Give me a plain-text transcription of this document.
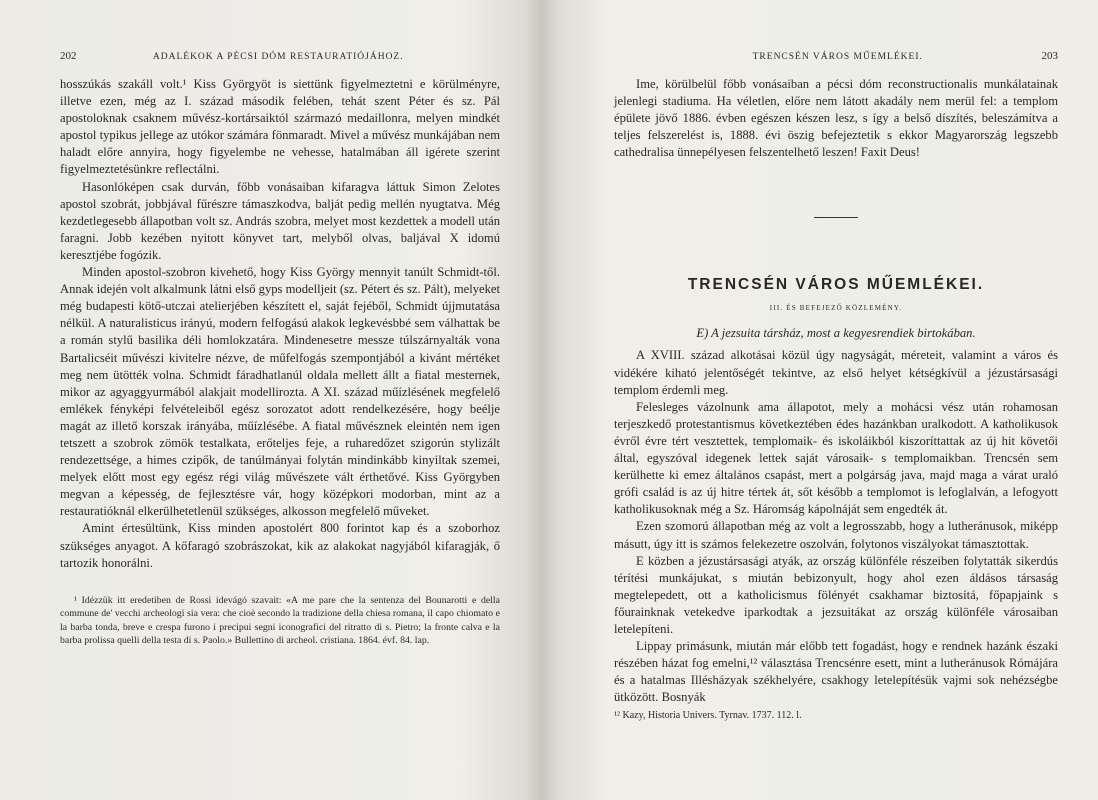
202	ADALÉKOK A PÉCSI DÓM RESTAURATIÓJÁHOZ.

hosszúkás szakáll volt.¹ Kiss Györgyöt is siettünk figyelmeztetni e körülményre, illetve ezen, még az I. század második felében, tehát szent Péter és sz. Pál apostoloknak csaknem művész-kortársaiktól származó medaillonra, melyen mindkét apostol typikus jellege az utókor számára fönmaradt. Mivel a művész munkájában nem haladt előre annyira, hogy figyelembe ne vehesse, hatalmában áll igérete szerint figyelmeztetésünkre reflectálni.

Hasonlóképen csak durván, főbb vonásaiban kifaragva láttuk Simon Zelotes apostol szobrát, jobbjával fűrészre támaszkodva, balját pedig mellén nyugtatva. Még kezdetlegesebb állapotban volt sz. András szobra, melyet most kezdettek a modell után faragni. Jobb kezében nyitott könyvet tart, melyből olvas, baljával X idomú keresztjébe fogózik.

Minden apostol-szobron kivehető, hogy Kiss György mennyit tanúlt Schmidt-től. Annak idején volt alkalmunk látni első gyps modelljeit (sz. Pétert és sz. Pált), melyeket még budapesti kötő-utczai atelierjében készített el, saját fejéből, Schmidt újjmutatása nélkül. A naturalisticus irányú, modern felfogású alakok legkevésbbé sem válhattak be a román stylű basilika déli homlokzatára. Mindenesetre messze túlszárnyalták vona Bartalicséit művészi kivitelre nézve, de műfelfogás szempontjából a kivánt mértéket meg nem ütötték volna. Schmidt fáradhatlanúl oldala mellett állt a fiatal mesternek, mikor az agyaggyurmából alakjait modellirozta. A XI. század műízlésének megfelelő emlékek fényképi felvételeiből egész sorozatot adott rendelkezésére, hogy beélje magát az illető korszak irányába, műízlésébe. A fiatal művésznek eleintén nem igen tetszett a szobrok zömök testalkata, erőteljes feje, a ruharedőzet szigorún stylizált rendezettsége, a himes czipők, de tanúlmányai folytán mindinkább kinyiltak szemei, melyek előtt most egy egész régi világ művészete vált érthetővé. Kiss Györgyben megvan a képesség, de fejlesztésre vár, hogy középkori modorban, mint az a restauratióknál elkerülhetetlenül szükséges, alkosson megfelelő műveket.

Amint értesültünk, Kiss minden apostolért 800 forintot kap és a szoborhoz szükséges anyagot. A kőfaragó szobrászokat, kik az alakokat nagyjából kifaragják, ő tartozik honorálni.

¹ Idézzük itt eredetiben de Rossi idevágó szavait: «A me pare che la sentenza del Bounarotti e della commune de' vecchi archeologi sia vera: che cioè secondo la tradizione della chiesa romana, il capo chiomato e la barba tonda, breve e crespa furono i precipui segni iconografici del ritratto di s. Pietro; la fronte calva e la barba prolissa quelli della testa di s. Paolo.» Bullettino di archeol. cristiana. 1864. évf. 84. lap.

TRENCSÉN VÁROS MŰEMLÉKEI.	203

Ime, körülbelül főbb vonásaiban a pécsi dóm reconstructionalis munkálatainak jelenlegi stadiuma. Ha véletlen, előre nem látott akadály nem merül fel: a templom épülete jövő 1886. évben egészen készen lesz, s így a belső díszítés, beleszámítva a teljes felszerelést is, 1888. évi öszig befejeztetik s ekkor Magyarország legszebb cathedralisa ünnepélyesen felszentelhető leszen! Faxit Deus!

TRENCSÉN VÁROS MŰEMLÉKEI.
III. ÉS BEFEJEZŐ KÖZLEMÉNY.
E) A jezsuita társház, most a kegyesrendiek birtokában.

A XVIII. század alkotásai közül úgy nagyságát, méreteit, valamint a város és vidékére kiható jelentőségét tekintve, az első helyet kétségkívül a jézustársasági templom érdemli meg.

Felesleges vázolnunk ama állapotot, mely a mohácsi vész után rohamosan terjeszkedő protestantismus következtében édes hazánkban uralkodott. A katholikusok évről évre tért vesztettek, templomaik- és iskoláikból kiszoríttattak az új hit követői által, egyszóval idegenek lettek saját városaik- s templomaikban. Trencsén sem kerülhette ki emez általános csapást, mert a polgárság java, majd maga a várat uraló grófi család is az új hitre tértek át, sőt később a templomot is lefoglalván, a lefogyott katholikusoknak még a Sz. Háromság kápolnáját sem engedték át.

Ezen szomorú állapotban még az volt a legrosszabb, hogy a lutheránusok, miképp másutt, úgy itt is számos felekezetre oszolván, folytonos viszályokat támasztottak.

E közben a jézustársasági atyák, az ország különféle részeiben folytatták sikerdús térítési munkájukat, s miután bebizonyult, hogy ahol ezen áldásos társaság megtelepedett, ott a katholicismus fölényét csakhamar biztosítá, főpapjaink s főurainknak vetekedve iparkodtak a jezsuitákat az ország különféle városaiban letelepíteni.

Lippay primásunk, miután már előbb tett fogadást, hogy e rendnek hazánk északi részében házat fog emelni,¹² választása Trencsénre esett, mint a lutheránusok Rómájára és a hatalmas Illésházyak székhelyére, csakhogy letelepítésük vajmi sok nehézségbe ütközött. Bosnyák

¹² Kazy, Historia Univers. Tyrnav. 1737. 112. l.
